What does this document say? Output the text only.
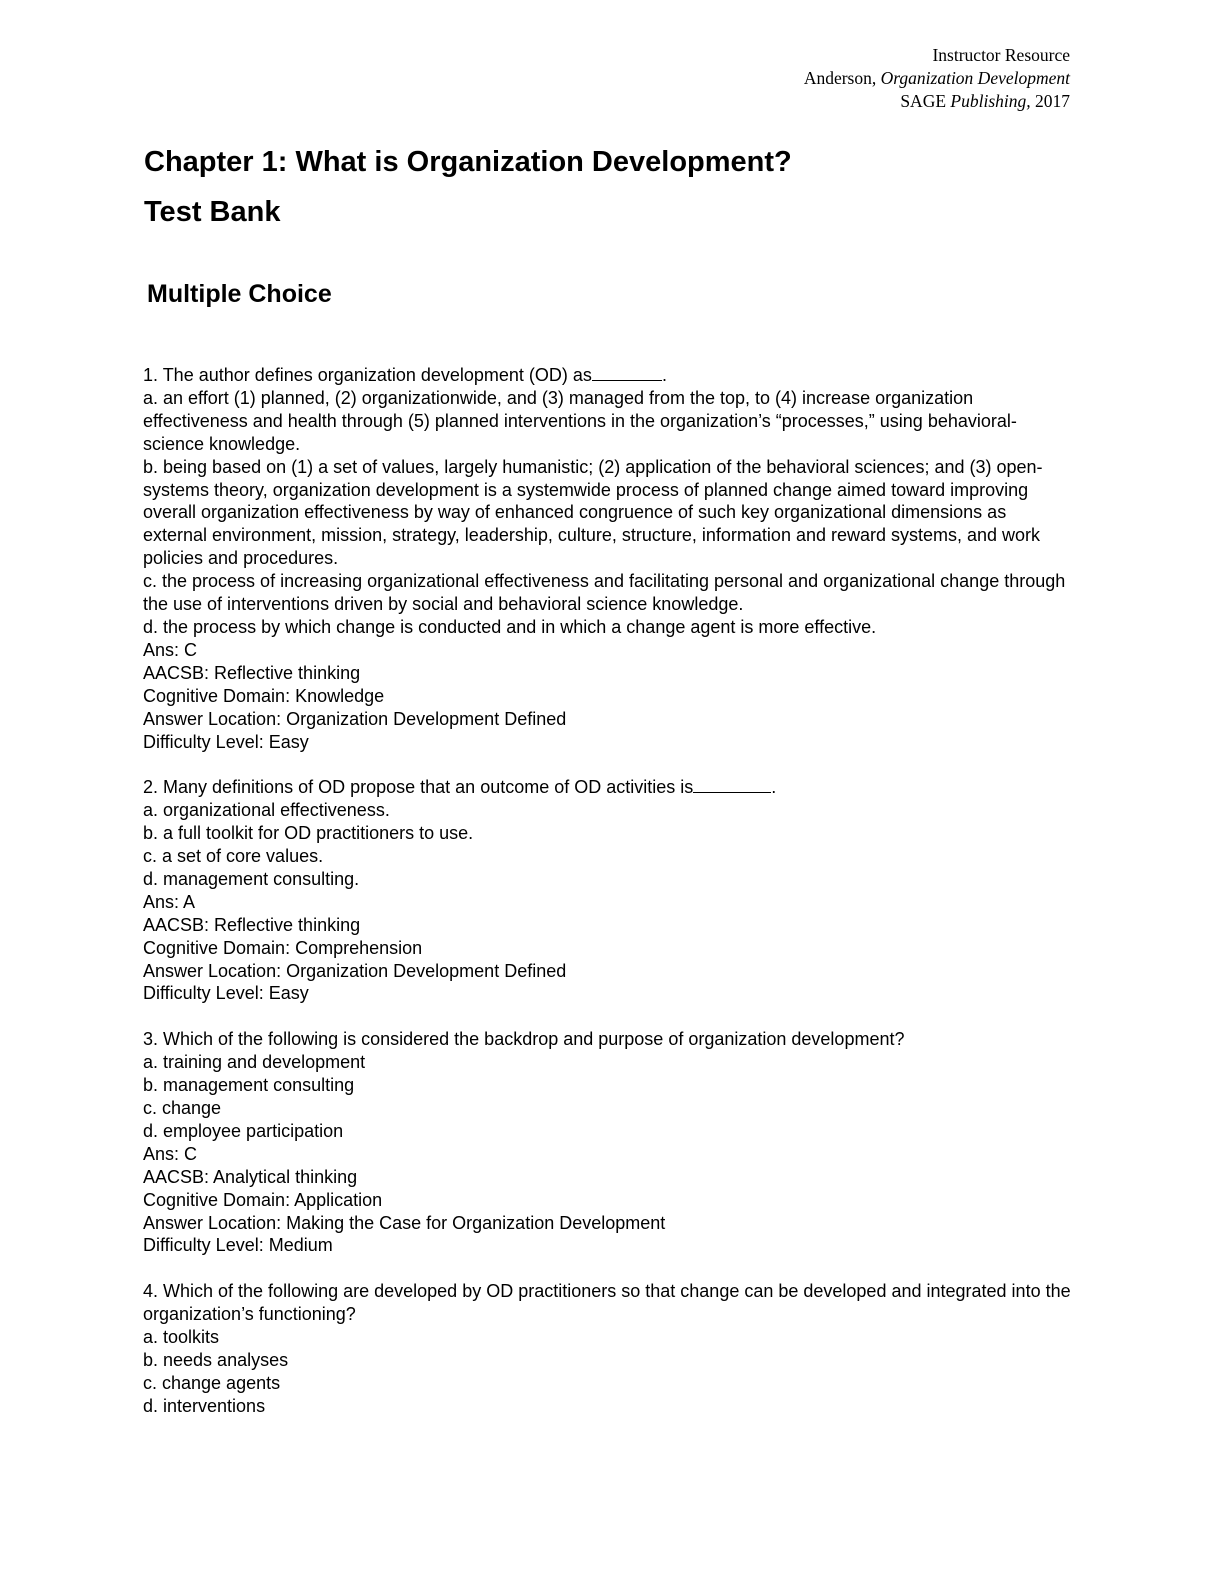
Instructor Resource
Anderson, Organization Development
SAGE Publishing, 2017
Chapter 1: What is Organization Development?
Test Bank
Multiple Choice
1. The author defines organization development (OD) as	.
a. an effort (1) planned, (2) organizationwide, and (3) managed from the top, to (4) increase organization effectiveness and health through (5) planned interventions in the organization’s “processes,” using behavioral-science knowledge.
b. being based on (1) a set of values, largely humanistic; (2) application of the behavioral sciences; and (3) open-systems theory, organization development is a systemwide process of planned change aimed toward improving overall organization effectiveness by way of enhanced congruence of such key organizational dimensions as external environment, mission, strategy, leadership, culture, structure, information and reward systems, and work policies and procedures.
c. the process of increasing organizational effectiveness and facilitating personal and organizational change through the use of interventions driven by social and behavioral science knowledge.
d. the process by which change is conducted and in which a change agent is more effective.
Ans: C
AACSB: Reflective thinking
Cognitive Domain: Knowledge
Answer Location: Organization Development Defined
Difficulty Level: Easy
2. Many definitions of OD propose that an outcome of OD activities is	.
a. organizational effectiveness.
b. a full toolkit for OD practitioners to use.
c. a set of core values.
d. management consulting.
Ans: A
AACSB: Reflective thinking
Cognitive Domain: Comprehension
Answer Location: Organization Development Defined
Difficulty Level: Easy
3. Which of the following is considered the backdrop and purpose of organization development?
a. training and development
b. management consulting
c. change
d. employee participation
Ans: C
AACSB: Analytical thinking
Cognitive Domain: Application
Answer Location: Making the Case for Organization Development
Difficulty Level: Medium
4. Which of the following are developed by OD practitioners so that change can be developed and integrated into the organization’s functioning?
a. toolkits
b. needs analyses
c. change agents
d. interventions
